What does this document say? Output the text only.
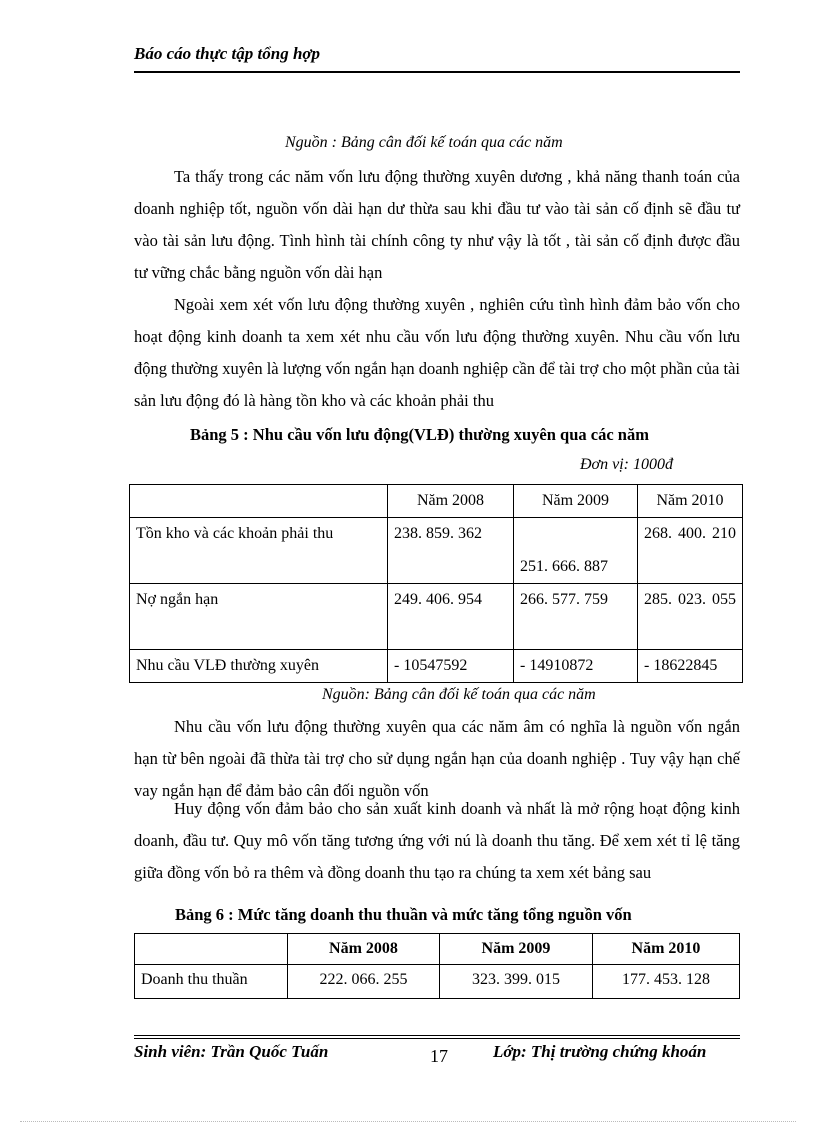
Báo cáo thực tập tổng hợp
Nguồn : Bảng cân đối kế toán qua các năm

Ta thấy trong các năm vốn lưu động thường xuyên dương , khả năng thanh toán của doanh nghiệp tốt, nguồn vốn dài hạn dư thừa sau khi đầu tư vào tài sản cố định sẽ đầu tư vào tài sản lưu động. Tình hình tài chính công ty như vậy là tốt , tài sản cố định được đầu tư vững chắc bằng nguồn vốn dài hạn

Ngoài xem xét vốn lưu động thường xuyên , nghiên cứu tình hình đảm bảo vốn cho hoạt động kinh doanh ta xem xét nhu cầu vốn lưu động thường xuyên. Nhu cầu vốn lưu động thường xuyên là lượng vốn ngắn hạn doanh nghiệp cần để tài trợ cho một phần của tài sản lưu động đó là hàng tồn kho và các khoản phải thu

Bảng 5 : Nhu cầu vốn lưu động(VLĐ) thường xuyên qua các năm
Đơn vị: 1000đ
	Năm 2008	Năm 2009	Năm 2010
Tồn kho và các khoản phải thu	238. 859. 362	251. 666. 887	268. 400. 210
Nợ ngắn hạn	249. 406. 954	266. 577. 759	285. 023. 055
Nhu cầu VLĐ thường xuyên	- 10547592	- 14910872	- 18622845
Nguồn: Bảng cân đối kế toán qua các năm

Nhu cầu vốn lưu động thường xuyên qua các năm âm có nghĩa là nguồn vốn ngắn hạn từ bên ngoài đã thừa tài trợ cho sử dụng ngắn hạn của doanh nghiệp . Tuy vậy hạn chế vay ngắn hạn để đảm bảo cân đối nguồn vốn

Huy động vốn đảm bảo cho sản xuất kinh doanh và nhất là mở rộng hoạt động kinh doanh, đầu tư. Quy mô vốn tăng tương ứng với nú là doanh thu tăng. Để xem xét tỉ lệ tăng giữa đồng vốn bỏ ra thêm và đồng doanh thu tạo ra chúng ta xem xét bảng sau

Bảng 6 : Mức tăng doanh thu thuần và mức tăng tổng nguồn vốn
	Năm 2008	Năm 2009	Năm 2010
Doanh thu thuần	222. 066. 255	323. 399. 015	177. 453. 128
Sinh viên: Trần Quốc Tuấn	17	Lớp: Thị trường chứng khoán
